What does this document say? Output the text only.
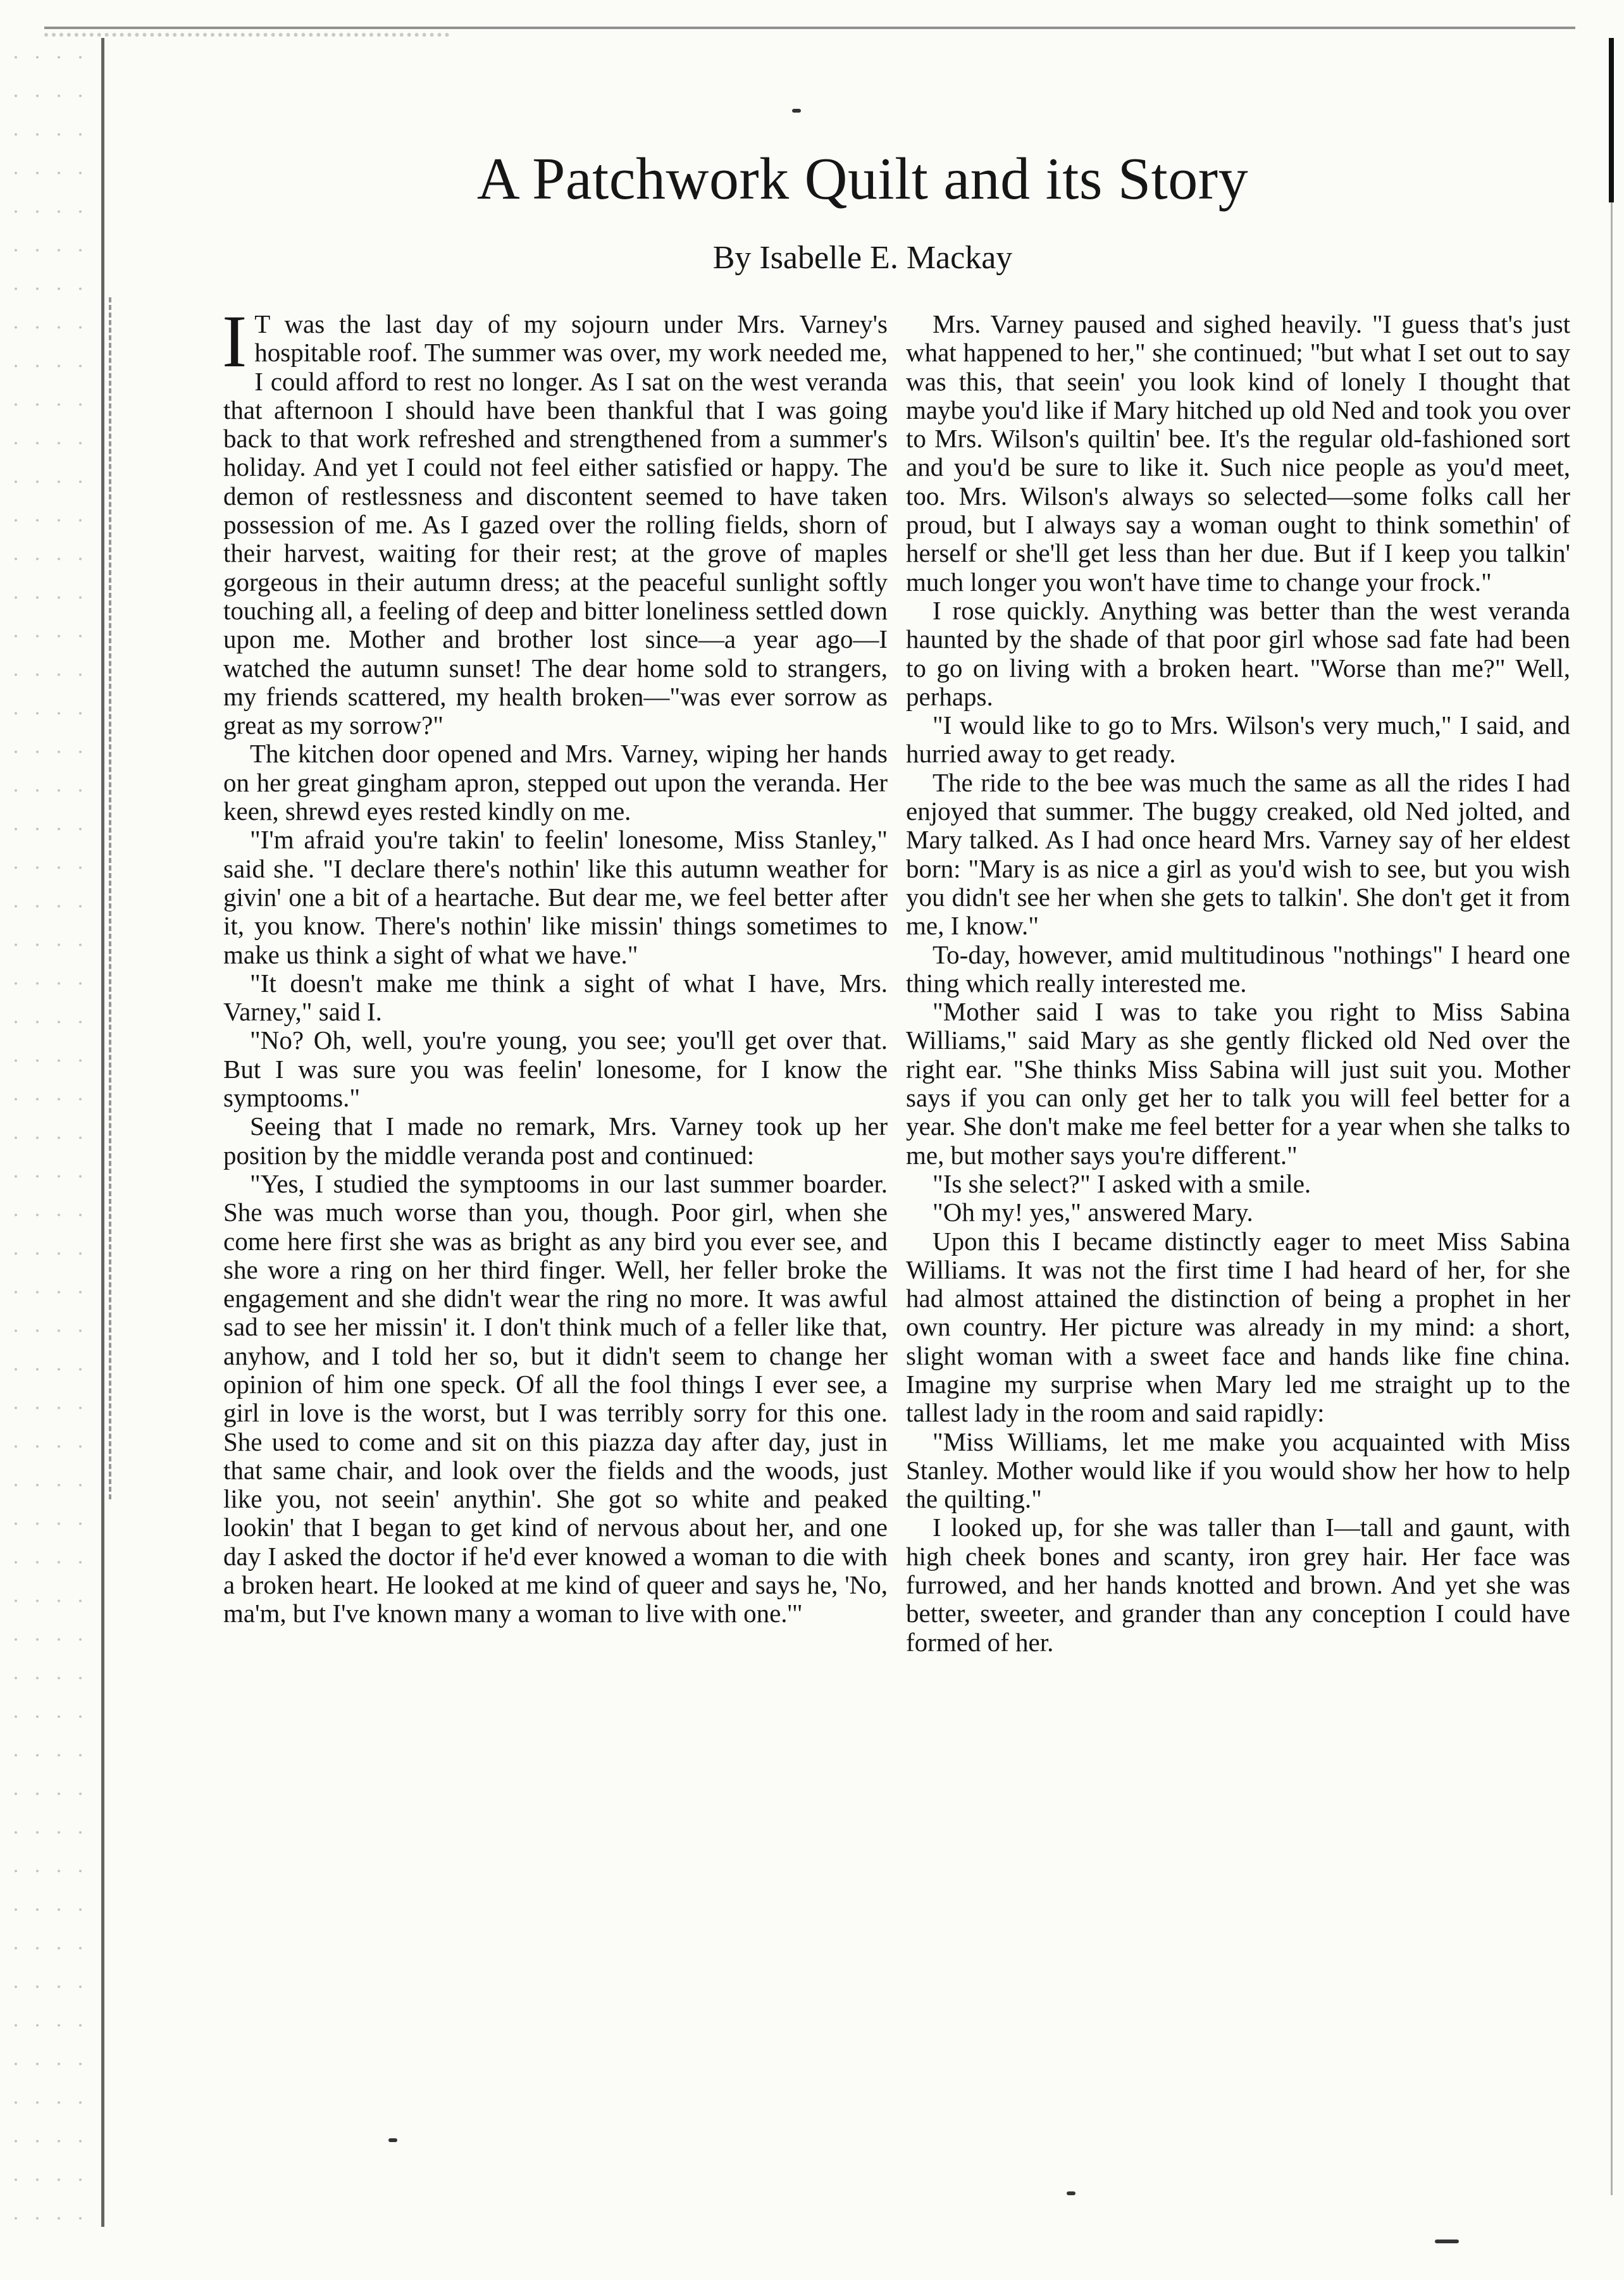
A Patchwork Quilt and its Story
By Isabelle E. Mackay

I T was the last day of my sojourn under Mrs. Varney's hospitable roof. The summer was over, my work needed me, I could afford to rest no longer. As I sat on the west veranda that afternoon I should have been thankful that I was going back to that work refreshed and strengthened from a summer's holiday. And yet I could not feel either satisfied or happy. The demon of restlessness and discontent seemed to have taken possession of me. As I gazed over the rolling fields, shorn of their harvest, waiting for their rest; at the grove of maples gorgeous in their autumn dress; at the peaceful sunlight softly touching all, a feeling of deep and bitter loneliness settled down upon me. Mother and brother lost since—a year ago—I watched the autumn sunset! The dear home sold to strangers, my friends scattered, my health broken—"was ever sorrow as great as my sorrow?"

The kitchen door opened and Mrs. Varney, wiping her hands on her great gingham apron, stepped out upon the veranda. Her keen, shrewd eyes rested kindly on me.

"I'm afraid you're takin' to feelin' lonesome, Miss Stanley," said she. "I declare there's nothin' like this autumn weather for givin' one a bit of a heartache. But dear me, we feel better after it, you know. There's nothin' like missin' things sometimes to make us think a sight of what we have."

"It doesn't make me think a sight of what I have, Mrs. Varney," said I.

"No? Oh, well, you're young, you see; you'll get over that. But I was sure you was feelin' lonesome, for I know the symptooms."

Seeing that I made no remark, Mrs. Varney took up her position by the middle veranda post and continued:

"Yes, I studied the symptooms in our last summer boarder. She was much worse than you, though. Poor girl, when she come here first she was as bright as any bird you ever see, and she wore a ring on her third finger. Well, her feller broke the engagement and she didn't wear the ring no more. It was awful sad to see her missin' it. I don't think much of a feller like that, anyhow, and I told her so, but it didn't seem to change her opinion of him one speck. Of all the fool things I ever see, a girl in love is the worst, but I was terribly sorry for this one. She used to come and sit on this piazza day after day, just in that same chair, and look over the fields and the woods, just like you, not seein' anythin'. She got so white and peaked lookin' that I began to get kind of nervous about her, and one day I asked the doctor if he'd ever knowed a woman to die with a broken heart. He looked at me kind of queer and says he, 'No, ma'm, but I've known many a woman to live with one.'"

Mrs. Varney paused and sighed heavily. "I guess that's just what happened to her," she continued; "but what I set out to say was this, that seein' you look kind of lonely I thought that maybe you'd like if Mary hitched up old Ned and took you over to Mrs. Wilson's quiltin' bee. It's the regular old-fashioned sort and you'd be sure to like it. Such nice people as you'd meet, too. Mrs. Wilson's always so selected—some folks call her proud, but I always say a woman ought to think somethin' of herself or she'll get less than her due. But if I keep you talkin' much longer you won't have time to change your frock."

I rose quickly. Anything was better than the west veranda haunted by the shade of that poor girl whose sad fate had been to go on living with a broken heart. "Worse than me?" Well, perhaps.

"I would like to go to Mrs. Wilson's very much," I said, and hurried away to get ready.

The ride to the bee was much the same as all the rides I had enjoyed that summer. The buggy creaked, old Ned jolted, and Mary talked. As I had once heard Mrs. Varney say of her eldest born: "Mary is as nice a girl as you'd wish to see, but you wish you didn't see her when she gets to talkin'. She don't get it from me, I know."

To-day, however, amid multitudinous "nothings" I heard one thing which really interested me.

"Mother said I was to take you right to Miss Sabina Williams," said Mary as she gently flicked old Ned over the right ear. "She thinks Miss Sabina will just suit you. Mother says if you can only get her to talk you will feel better for a year. She don't make me feel better for a year when she talks to me, but mother says you're different."

"Is she select?" I asked with a smile.

"Oh my! yes," answered Mary.

Upon this I became distinctly eager to meet Miss Sabina Williams. It was not the first time I had heard of her, for she had almost attained the distinction of being a prophet in her own country. Her picture was already in my mind: a short, slight woman with a sweet face and hands like fine china. Imagine my surprise when Mary led me straight up to the tallest lady in the room and said rapidly:

"Miss Williams, let me make you acquainted with Miss Stanley. Mother would like if you would show her how to help the quilting."

I looked up, for she was taller than I—tall and gaunt, with high cheek bones and scanty, iron grey hair. Her face was furrowed, and her hands knotted and brown. And yet she was better, sweeter, and grander than any conception I could have formed of her.
